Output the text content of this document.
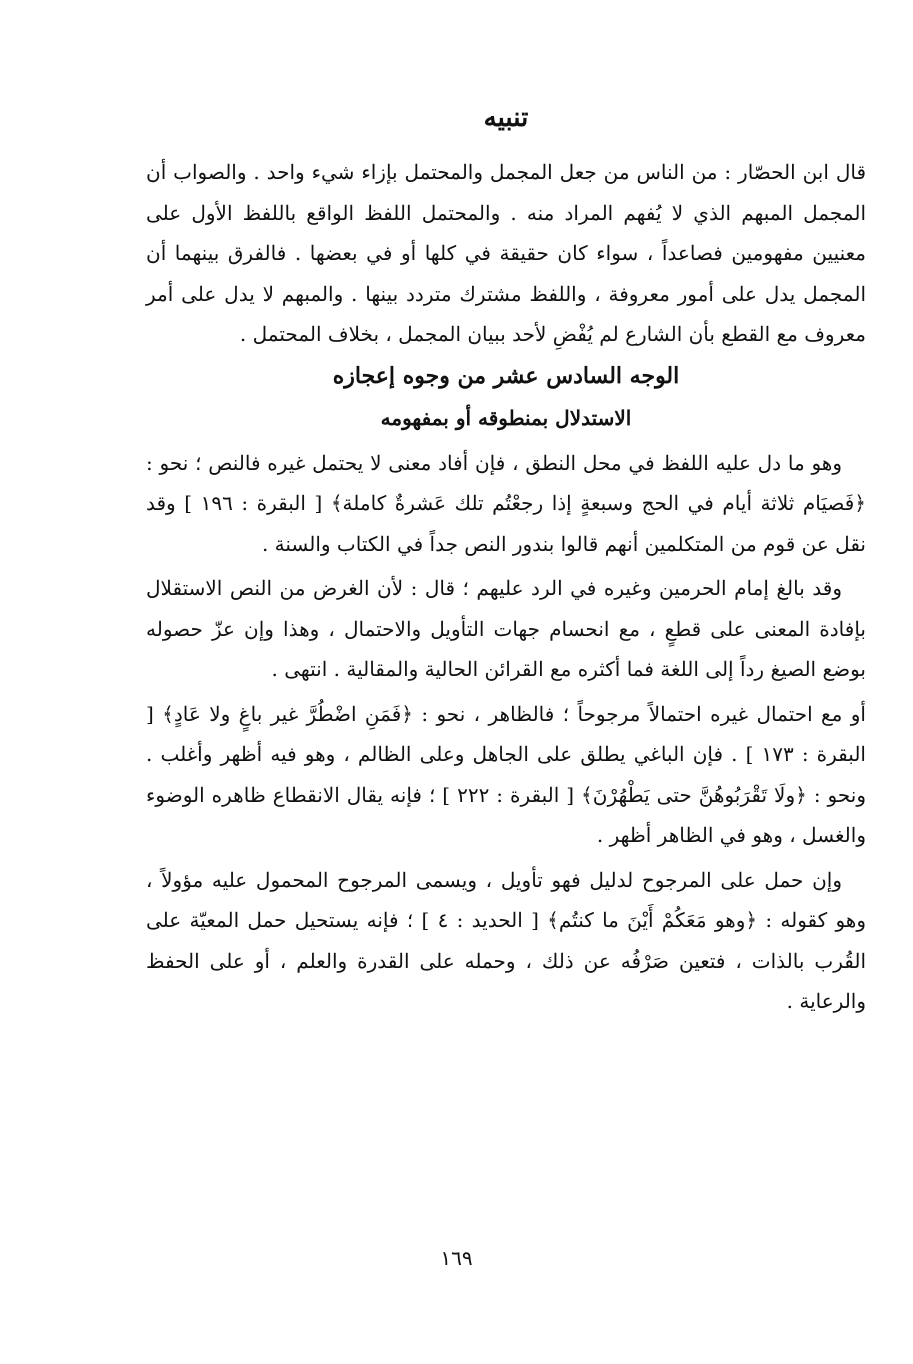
تنبيه

قال ابن الحصّار : من الناس من جعل المجمل والمحتمل بإزاء شيء واحد . والصواب أن المجمل المبهم الذي لا يُفهم المراد منه . والمحتمل اللفظ الواقع باللفظ الأول على معنيين مفهومين فصاعداً ، سواء كان حقيقة في كلها أو في بعضها . فالفرق بينهما أن المجمل يدل على أمور معروفة ، واللفظ مشترك متردد بينها . والمبهم لا يدل على أمر معروف مع القطع بأن الشارع لم يُفْضِ لأحد ببيان المجمل ، بخلاف المحتمل .

الوجه السادس عشر من وجوه إعجازه
الاستدلال بمنطوقه أو بمفهومه

وهو ما دل عليه اللفظ في محل النطق ، فإن أفاد معنى لا يحتمل غيره فالنص ؛ نحو : ﴿فَصيَام ثلاثة أيام في الحج وسبعةٍ إذا رجعْتُم تلك عَشرةٌ كاملة﴾ [ البقرة : ١٩٦ ] وقد نقل عن قوم من المتكلمين أنهم قالوا بندور النص جداً في الكتاب والسنة .

وقد بالغ إمام الحرمين وغيره في الرد عليهم ؛ قال : لأن الغرض من النص الاستقلال بإفادة المعنى على قطعٍ ، مع انحسام جهات التأويل والاحتمال ، وهذا وإن عزّ حصوله بوضع الصيغ رداً إلى اللغة فما أكثره مع القرائن الحالية والمقالية . انتهى .

أو مع احتمال غيره احتمالاً مرجوحاً ؛ فالظاهر ، نحو : ﴿فَمَنِ اضْطُرَّ غير باغٍ ولا عَادٍ﴾ [ البقرة : ١٧٣ ] . فإن الباغي يطلق على الجاهل وعلى الظالم ، وهو فيه أظهر وأغلب . ونحو : ﴿ولَا تَقْرَبُوهُنَّ حتى يَطْهُرْنَ﴾ [ البقرة : ٢٢٢ ] ؛ فإنه يقال الانقطاع ظاهره الوضوء والغسل ، وهو في الظاهر أظهر .

وإن حمل على المرجوح لدليل فهو تأويل ، ويسمى المرجوح المحمول عليه مؤولاً ، وهو كقوله : ﴿وهو مَعَكُمْ أَيْنَ ما كنتُم﴾ [ الحديد : ٤ ] ؛ فإنه يستحيل حمل المعيّة على القُرب بالذات ، فتعين صَرْفُه عن ذلك ، وحمله على القدرة والعلم ، أو على الحفظ والرعاية .

١٦٩
